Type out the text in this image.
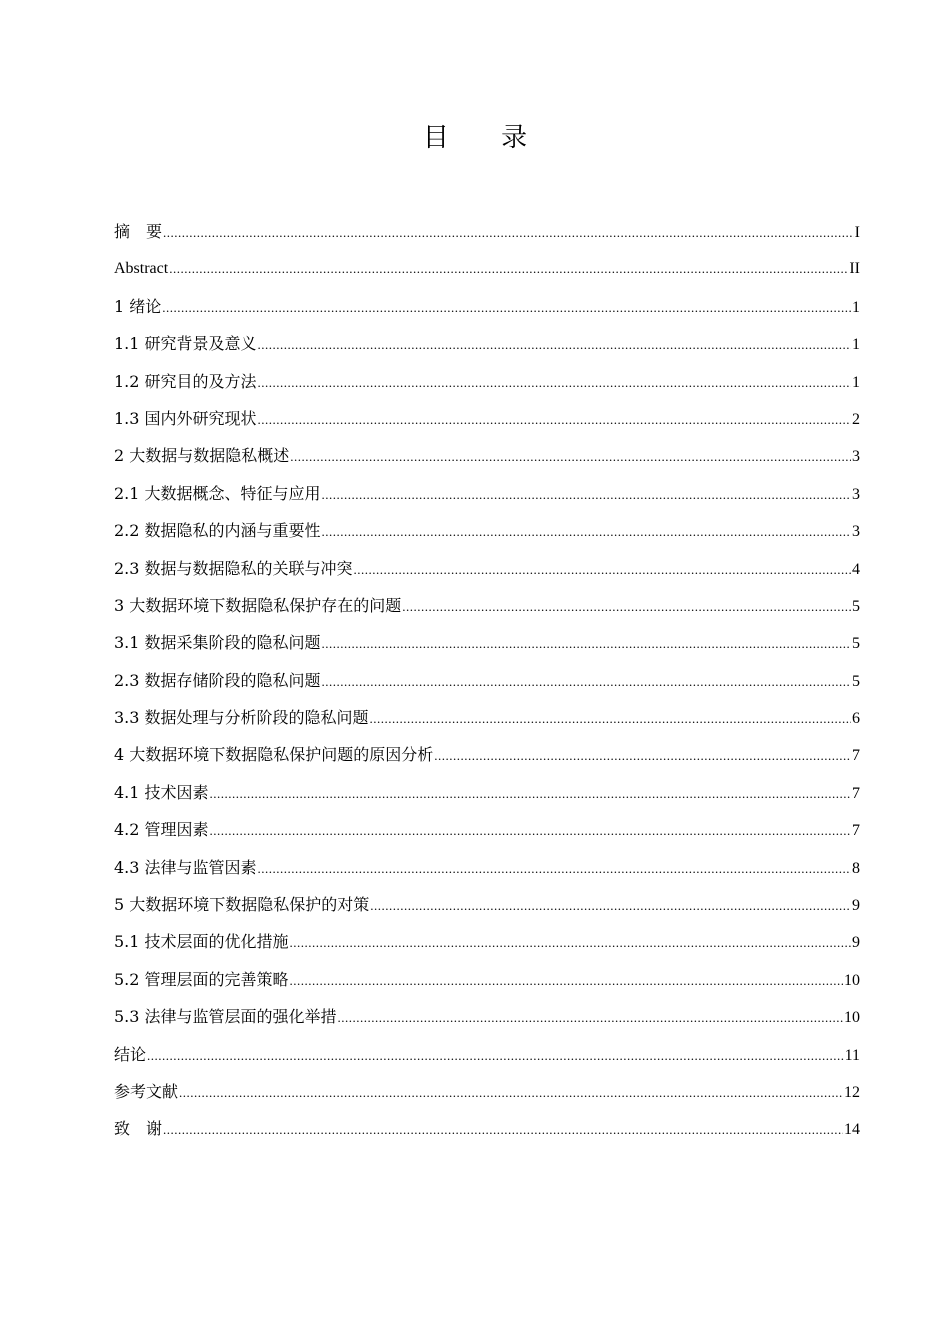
目 录
摘　要 .....	I
Abstract .....	II
1 绪论 .....	1
1.1 研究背景及意义 .....	1
1.2 研究目的及方法 .....	1
1.3 国内外研究现状 .....	2
2 大数据与数据隐私概述 .....	3
2.1 大数据概念、特征与应用 .....	3
2.2 数据隐私的内涵与重要性 .....	3
2.3 数据与数据隐私的关联与冲突 .....	4
3 大数据环境下数据隐私保护存在的问题 .....	5
3.1 数据采集阶段的隐私问题 .....	5
2.3 数据存储阶段的隐私问题 .....	5
3.3 数据处理与分析阶段的隐私问题 .....	6
4 大数据环境下数据隐私保护问题的原因分析 .....	7
4.1 技术因素 .....	7
4.2 管理因素 .....	7
4.3 法律与监管因素 .....	8
5 大数据环境下数据隐私保护的对策 .....	9
5.1 技术层面的优化措施 .....	9
5.2 管理层面的完善策略 .....	10
5.3 法律与监管层面的强化举措 .....	10
结论 .....	11
参考文献 .....	12
致　谢 .....	14
